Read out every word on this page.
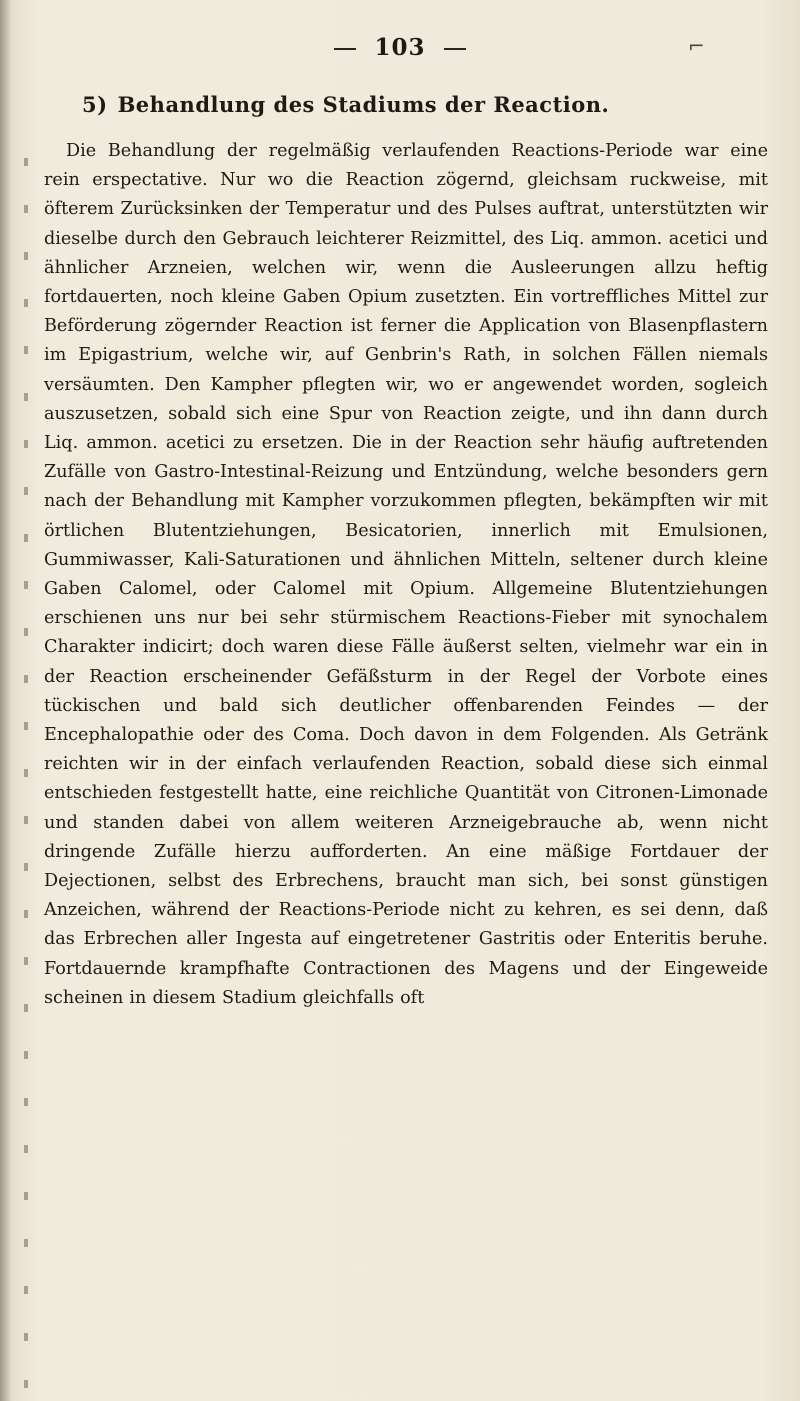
103	⌐
5) Behandlung des Stadiums der Reaction.

Die Behandlung der regelmäßig verlaufenden Reactions-Periode war eine rein erspectative. Nur wo die Reaction zögernd, gleichsam ruckweise, mit öfterem Zurücksinken der Temperatur und des Pulses auftrat, unterstützten wir dieselbe durch den Gebrauch leichterer Reizmittel, des Liq. ammon. acetici und ähnlicher Arzneien, welchen wir, wenn die Ausleerungen allzu heftig fortdauerten, noch kleine Gaben Opium zusetzten. Ein vortreffliches Mittel zur Beförderung zögernder Reaction ist ferner die Application von Blasenpflastern im Epigastrium, welche wir, auf Genbrin's Rath, in solchen Fällen niemals versäumten. Den Kampher pflegten wir, wo er angewendet worden, sogleich auszusetzen, sobald sich eine Spur von Reaction zeigte, und ihn dann durch Liq. ammon. acetici zu ersetzen. Die in der Reaction sehr häufig auftretenden Zufälle von Gastro-Intestinal-Reizung und Entzündung, welche besonders gern nach der Behandlung mit Kampher vorzukommen pflegten, bekämpften wir mit örtlichen Blutentziehungen, Besicatorien, innerlich mit Emulsionen, Gummiwasser, Kali-Saturationen und ähnlichen Mitteln, seltener durch kleine Gaben Calomel, oder Calomel mit Opium. Allgemeine Blutentziehungen erschienen uns nur bei sehr stürmischem Reactions-Fieber mit synochalem Charakter indicirt; doch waren diese Fälle äußerst selten, vielmehr war ein in der Reaction erscheinender Gefäßsturm in der Regel der Vorbote eines tückischen und bald sich deutlicher offenbarenden Feindes — der Encephalopathie oder des Coma. Doch davon in dem Folgenden. Als Getränk reichten wir in der einfach verlaufenden Reaction, sobald diese sich einmal entschieden festgestellt hatte, eine reichliche Quantität von Citronen-Limonade und standen dabei von allem weiteren Arzneigebrauche ab, wenn nicht dringende Zufälle hierzu aufforderten. An eine mäßige Fortdauer der Dejectionen, selbst des Erbrechens, braucht man sich, bei sonst günstigen Anzeichen, während der Reactions-Periode nicht zu kehren, es sei denn, daß das Erbrechen aller Ingesta auf eingetretener Gastritis oder Enteritis beruhe. Fortdauernde krampfhafte Contractionen des Magens und der Eingeweide scheinen in diesem Stadium gleichfalls oft
